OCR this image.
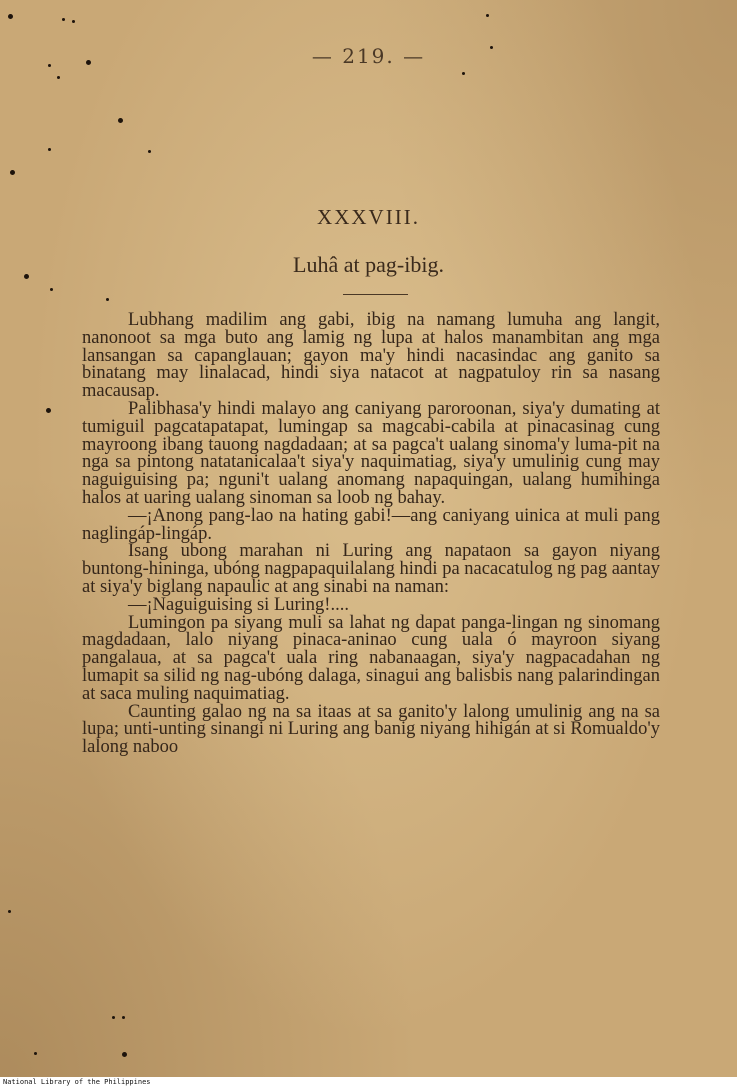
— 219. —
XXXVIII.
Luhâ at pag-ibig.

Lubhang madilim ang gabi, ibig na namang lumuha ang langit, nanonoot sa mga buto ang lamig ng lupa at halos manambitan ang mga lansangan sa capanglauan; gayon ma'y hindi nacasindac ang ganito sa binatang may linalacad, hindi siya natacot at nagpatuloy rin sa nasang macausap.

Palibhasa'y hindi malayo ang caniyang paroroonan, siya'y dumating at tumiguil pagcatapatapat, lumingap sa magcabi-cabila at pinacasinag cung mayroong ibang tauong nagdadaan; at sa pagca't ualang sinoma'y luma-pit na nga sa pintong natatanicalaa't siya'y naquimatiag, siya'y umulinig cung may naguiguising pa; nguni't ualang anomang napaquingan, ualang humihinga halos at uaring ualang sinoman sa loob ng bahay.

—¡Anong pang-lao na hating gabi!—ang caniyang uinica at muli pang naglingáp-lingáp.

Isang ubong marahan ni Luring ang napataon sa gayon niyang buntong-hininga, ubóng nagpapaquilalang hindi pa nacacatulog ng pag aantay at siya'y biglang napaulic at ang sinabi na naman:

—¡Naguiguising si Luring!....

Lumingon pa siyang muli sa lahat ng dapat panga-lingan ng sinomang magdadaan, lalo niyang pinaca-aninao cung uala ó mayroon siyang pangalaua, at sa pagca't uala ring nabanaagan, siya'y nagpacadahan ng lumapit sa silid ng nag-ubóng dalaga, sinagui ang balisbis nang palarindingan at saca muling naquimatiag.

Caunting galao ng na sa itaas at sa ganito'y lalong umulinig ang na sa lupa; unti-unting sinangi ni Luring ang banig niyang hihigán at si Romualdo'y lalong naboo

National Library of the Philippines
